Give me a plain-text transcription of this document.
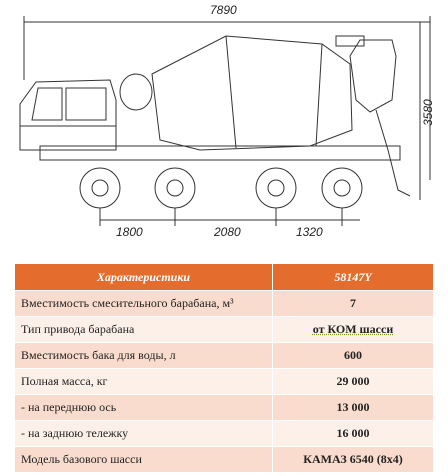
7890
3580
1800	2080	1320
Характеристики	58147Y
Вместимость смесительного барабана, м³	7
Тип привода барабана	от КОМ шасси
Вместимость бака для воды, л	600
Полная масса, кг	29 000
- на переднюю ось	13 000
- на заднюю тележку	16 000
Модель базового шасси	КАМАЗ 6540 (8x4)
